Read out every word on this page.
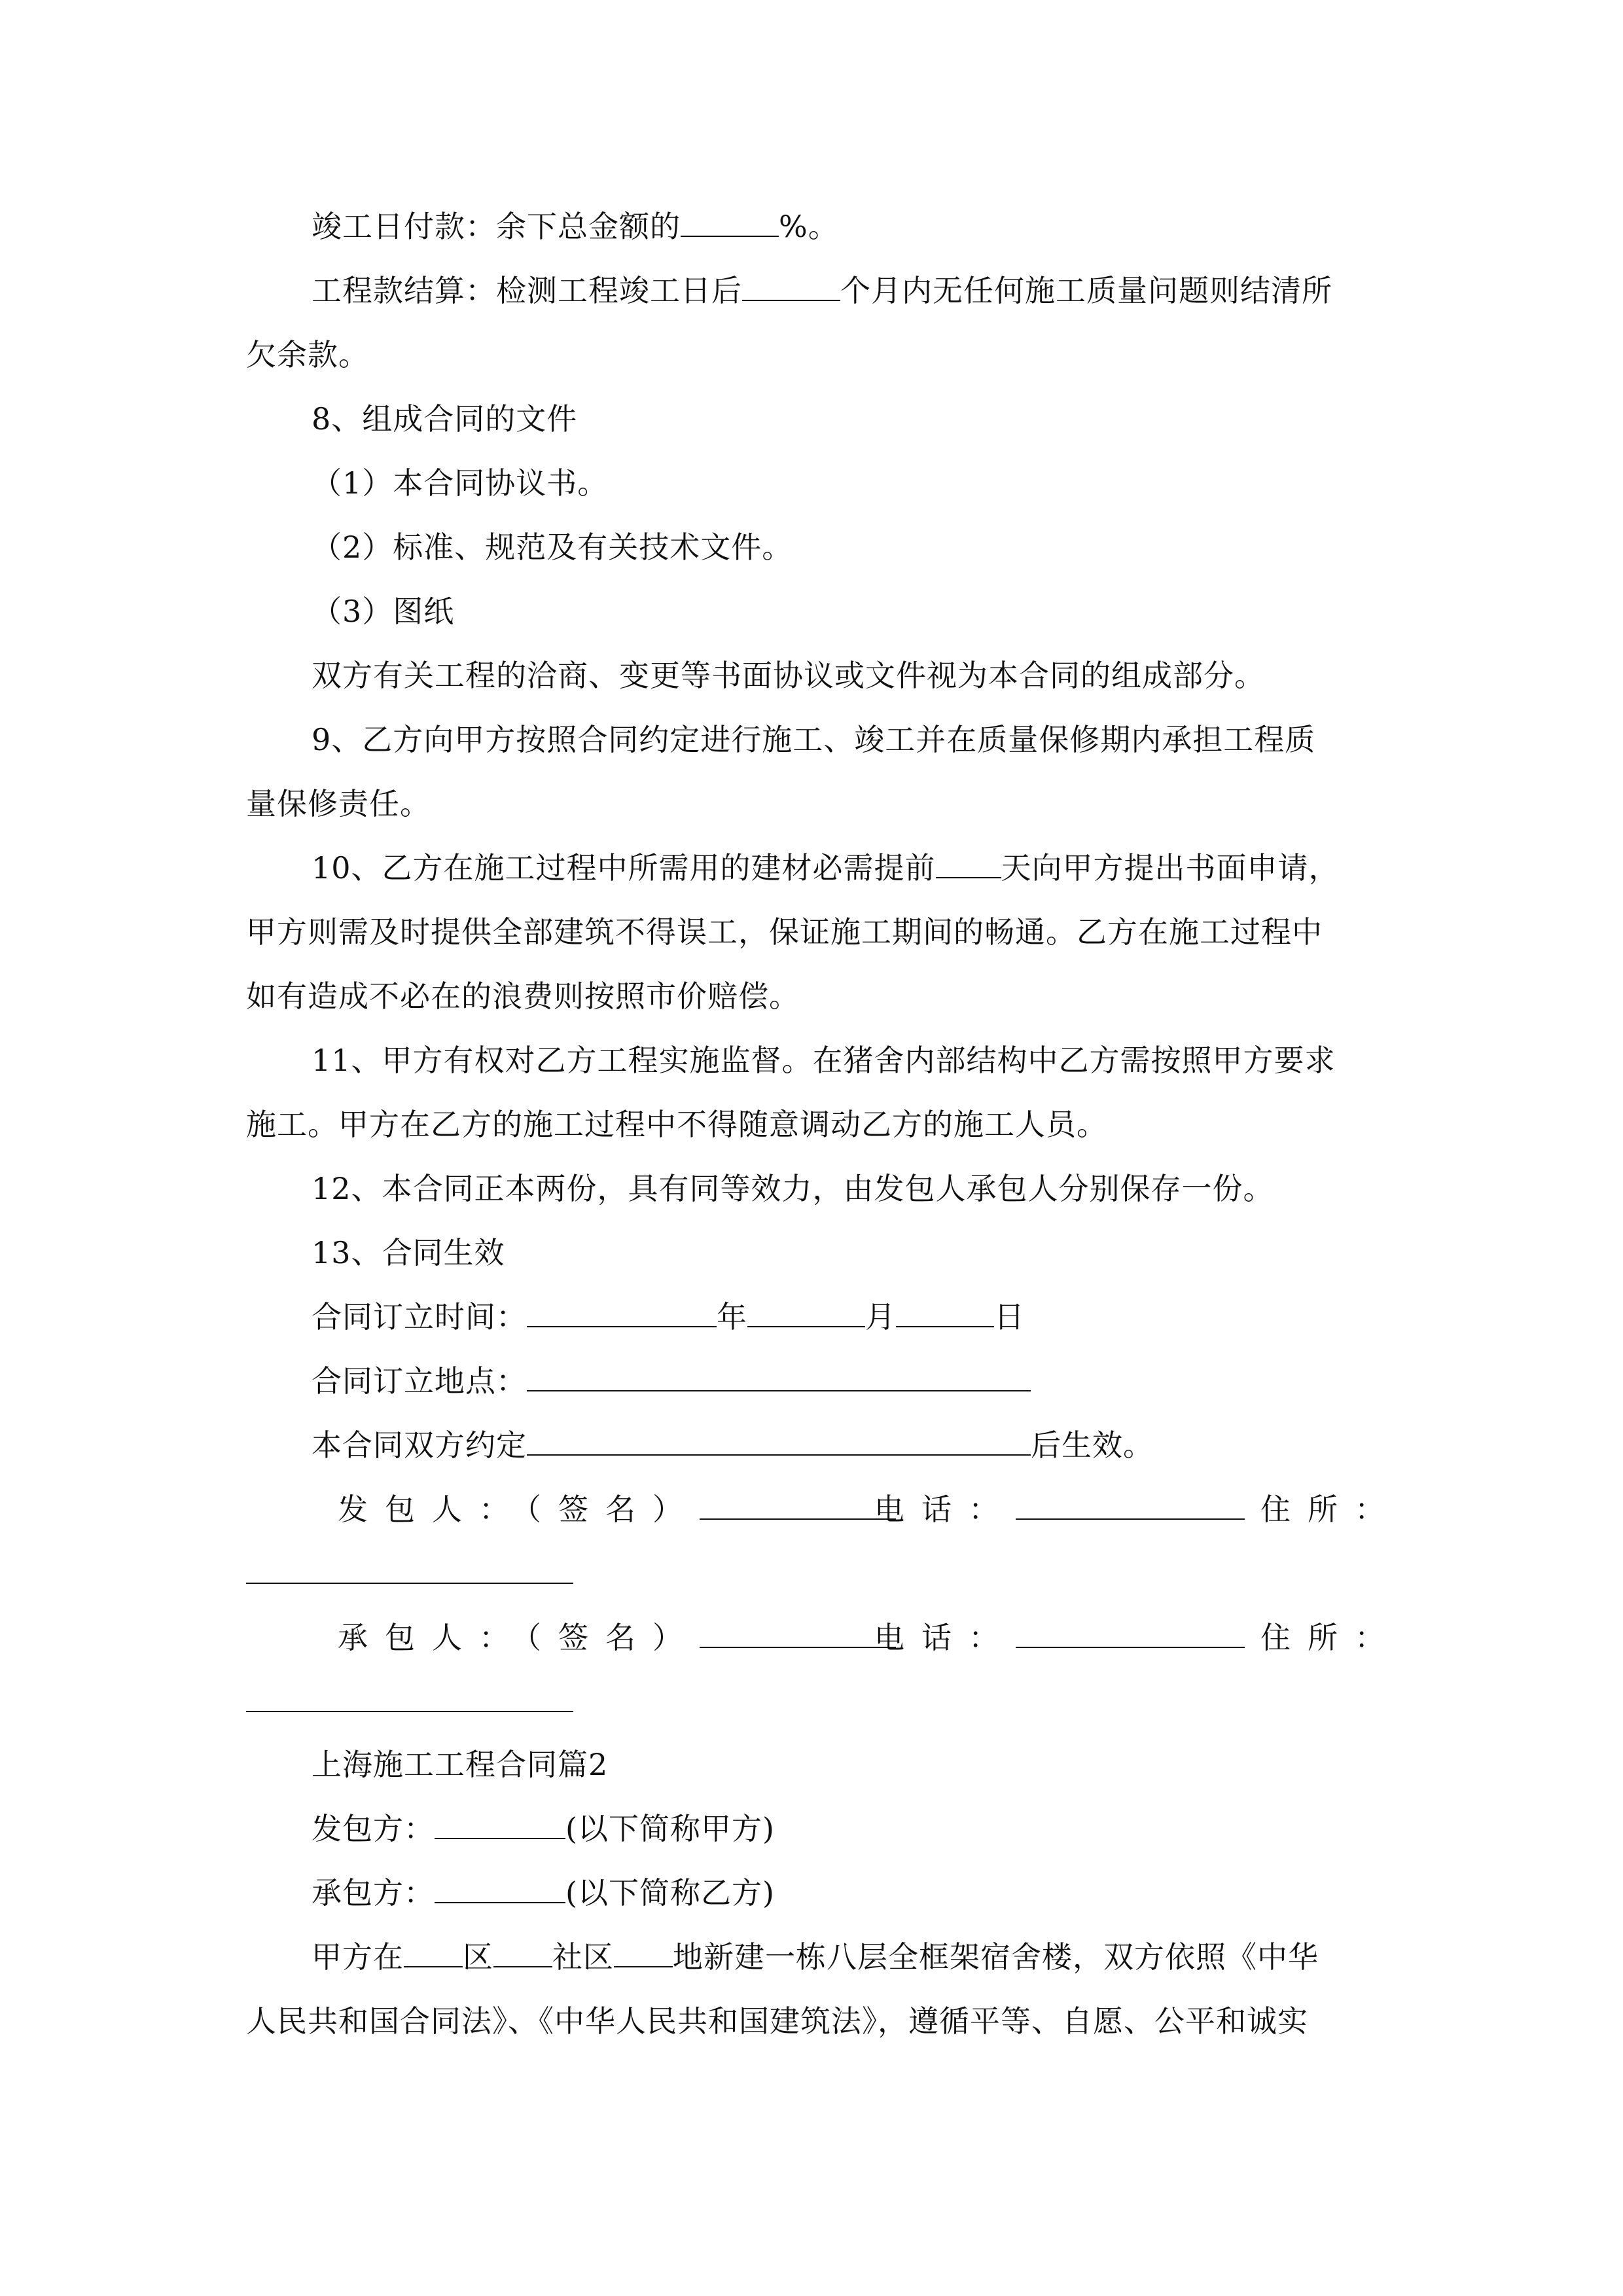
竣工日付款：余下总金额的	%。
工程款结算：检测工程竣工日后	个月内无任何施工质量问题则结清所
欠余款。
8、组成合同的文件
（1）本合同协议书。
（2）标准、规范及有关技术文件。
（3）图纸
双方有关工程的洽商、变更等书面协议或文件视为本合同的组成部分。
9、乙方向甲方按照合同约定进行施工、竣工并在质量保修期内承担工程质
量保修责任。
10、乙方在施工过程中所需用的建材必需提前 天向甲方提出书面申请，
甲方则需及时提供全部建筑不得误工，保证施工期间的畅通。乙方在施工过程中
如有造成不必在的浪费则按照市价赔偿。
11、甲方有权对乙方工程实施监督。在猪舍内部结构中乙方需按照甲方要求
施工。甲方在乙方的施工过程中不得随意调动乙方的施工人员。
12、本合同正本两份，具有同等效力，由发包人承包人分别保存一份。
13、合同生效
合同订立时间：	年	月	日
合同订立地点：
本合同双方约定	后生效。
发包人：（签名）	电话：	住所：
承包人：（签名）	电话：	住所：
上海施工工程合同篇2
发包方：	(以下简称甲方)
承包方：	(以下简称乙方)
甲方在 区 社区 地新建一栋八层全框架宿舍楼，双方依照《中华
人民共和国合同法》、《中华人民共和国建筑法》，遵循平等、自愿、公平和诚实
